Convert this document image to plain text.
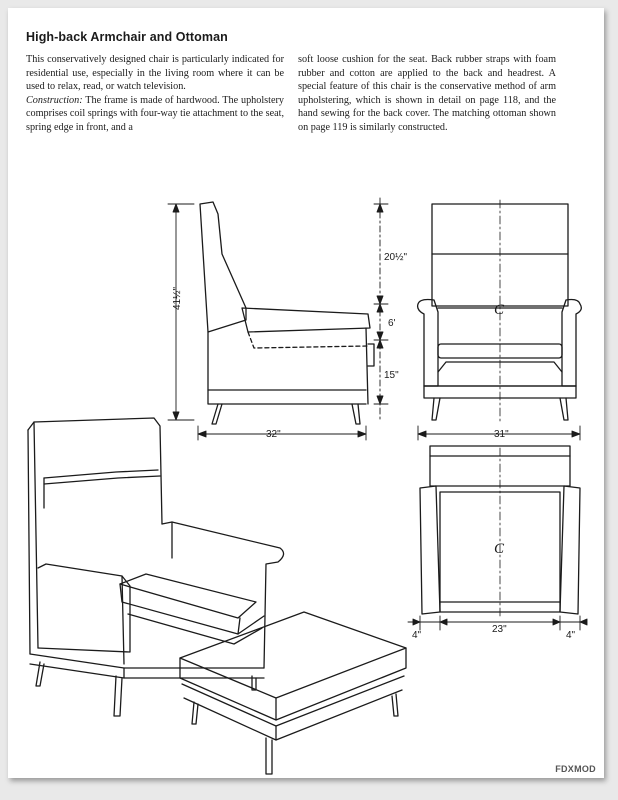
High-back Armchair and Ottoman

This conservatively designed chair is particularly indicated for residential use, especially in the living room where it can be used to relax, read, or watch television.

Construction: The frame is made of hardwood. The upholstery comprises coil springs with four-way tie attachment to the seat, spring edge in front, and a

soft loose cushion for the seat. Back rubber straps with foam rubber and cotton are applied to the back and headrest. A special feature of this chair is the conservative method of arm upholstering, which is shown in detail on page 118, and the hand sewing for the back cover. The matching ottoman shown on page 119 is similarly constructed.

41½"
32"
20½"
6'
15"
C
31"
C
4"
23"
4"
FDXMOD
